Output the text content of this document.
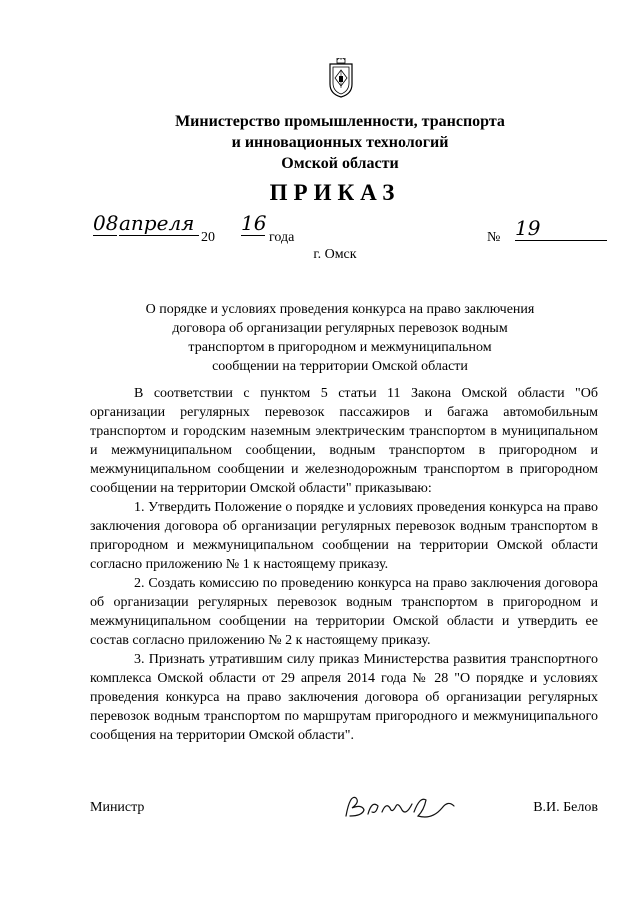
Министерство промышленности, транспорта
и инновационных технологий
Омской области
ПРИКАЗ
08 апреля
20
16
года	№ 19
г. Омск
О порядке и условиях проведения конкурса на право заключения
договора об организации регулярных перевозок водным
транспортом в пригородном и межмуниципальном
сообщении на территории Омской области

В соответствии с пунктом 5 статьи 11 Закона Омской области "Об организации регулярных перевозок пассажиров и багажа автомобильным транспортом и городским наземным электрическим транспортом в муниципальном и межмуниципальном сообщении, водным транспортом в пригородном и межмуниципальном сообщении и железнодорожным транспортом в пригородном сообщении на территории Омской области" приказываю:

1. Утвердить Положение о порядке и условиях проведения конкурса на право заключения договора об организации регулярных перевозок водным транспортом в пригородном и межмуниципальном сообщении на территории Омской области согласно приложению № 1 к настоящему приказу.

2. Создать комиссию по проведению конкурса на право заключения договора об организации регулярных перевозок водным транспортом в пригородном и межмуниципальном сообщении на территории Омской области и утвердить ее состав согласно приложению № 2 к настоящему приказу.

3. Признать утратившим силу приказ Министерства развития транспортного комплекса Омской области от 29 апреля 2014 года № 28 "О порядке и условиях проведения конкурса на право заключения договора об организации регулярных перевозок водным транспортом по маршрутам пригородного и межмуниципального сообщения на территории Омской области".

Министр	В.И. Белов
